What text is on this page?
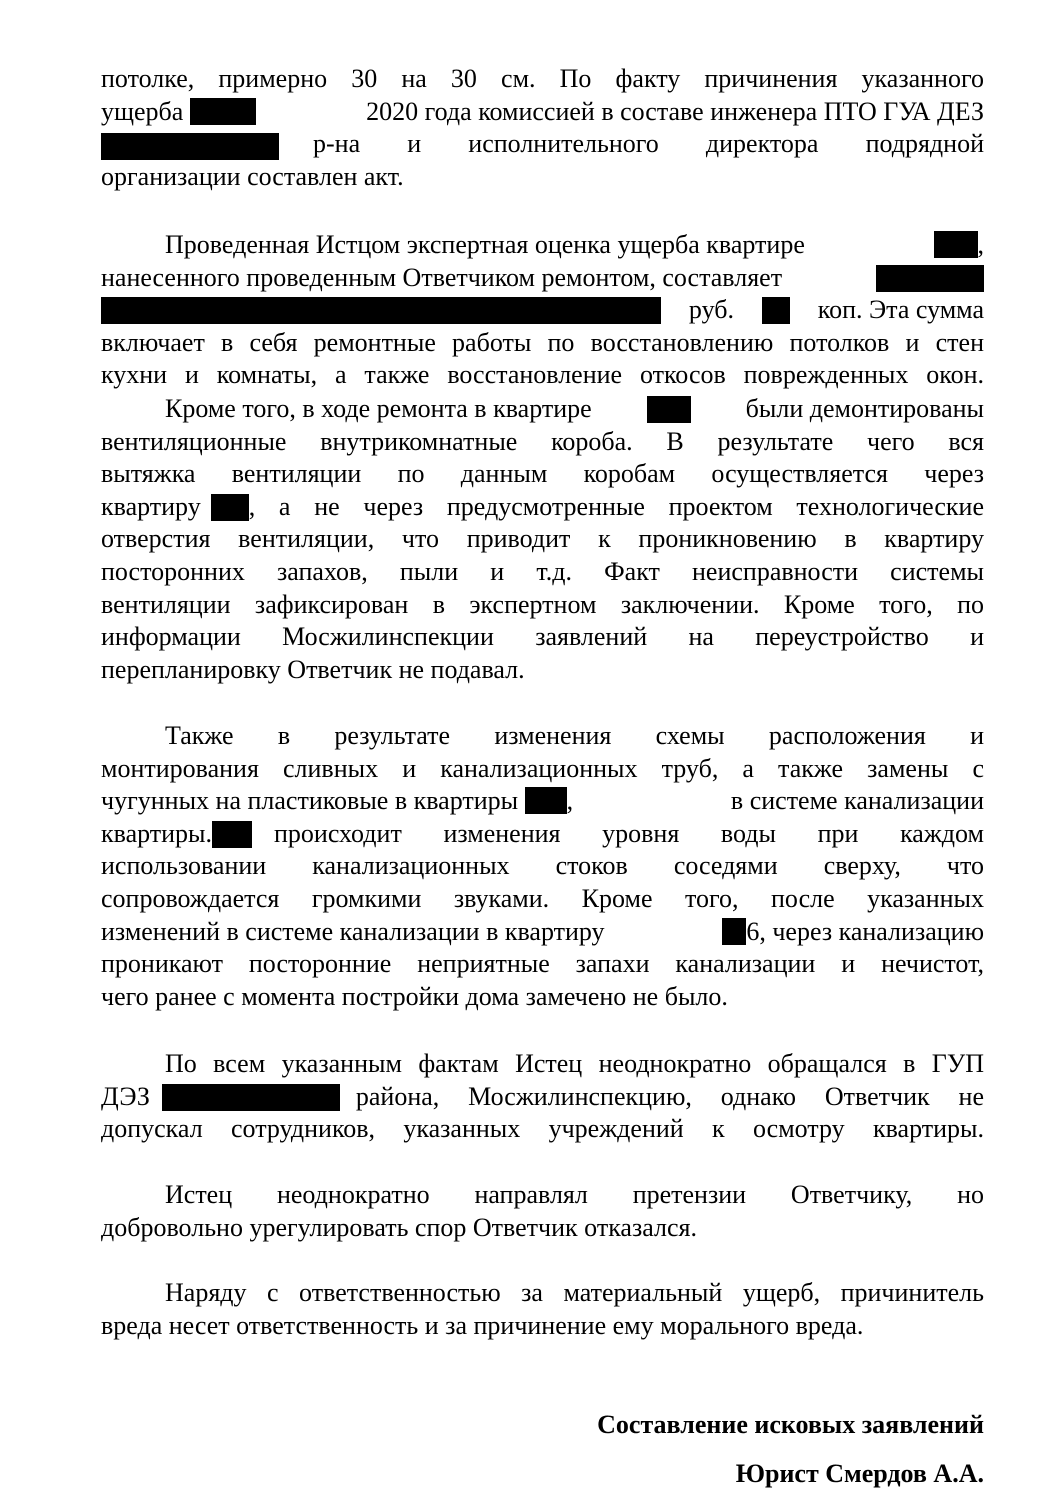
потолке, примерно 30 на 30 см. По факту причинения указанного
ущерба	2020 года комиссией в составе инженера ПТО ГУА ДЕЗ
р-на и исполнительного директора подрядной
организации составлен акт.
Проведенная Истцом экспертная оценка ущерба квартире	,
нанесенного проведенным Ответчиком ремонтом, составляет
руб.	коп. Эта сумма
включает в себя ремонтные работы по восстановлению потолков и стен
кухни и комнаты, а также восстановление откосов поврежденных окон.
Кроме того, в ходе ремонта в квартире	были демонтированы
вентиляционные внутрикомнатные короба. В результате чего вся
вытяжка вентиляции по данным коробам осуществляется через
квартиру , а не через предусмотренные проектом технологические
отверстия вентиляции, что приводит к проникновению в квартиру
посторонних запахов, пыли и т.д. Факт неисправности системы
вентиляции зафиксирован в экспертном заключении. Кроме того, по
информации Мосжилинспекции заявлений на переустройство и
перепланировку Ответчик не подавал.
Также в результате изменения схемы расположения и
монтирования сливных и канализационных труб, а также замены с
чугунных на пластиковые в квартиры ,	в системе канализации
квартиры. происходит изменения уровня воды при каждом
использовании канализационных стоков соседями сверху, что
сопровождается громкими звуками. Кроме того, после указанных
изменений в системе канализации в квартиру	6, через канализацию
проникают посторонние неприятные запахи канализации и нечистот,
чего ранее с момента постройки дома замечено не было.
По всем указанным фактам Истец неоднократно обращался в ГУП
ДЭЗ	района, Мосжилинспекцию, однако Ответчик не
допускал сотрудников, указанных учреждений к осмотру квартиры.
Истец неоднократно направлял претензии Ответчику, но
добровольно урегулировать спор Ответчик отказался.
Наряду с ответственностью за материальный ущерб, причинитель
вреда несет ответственность и за причинение ему морального вреда.
Составление исковых заявлений
Юрист Смердов А.А.
